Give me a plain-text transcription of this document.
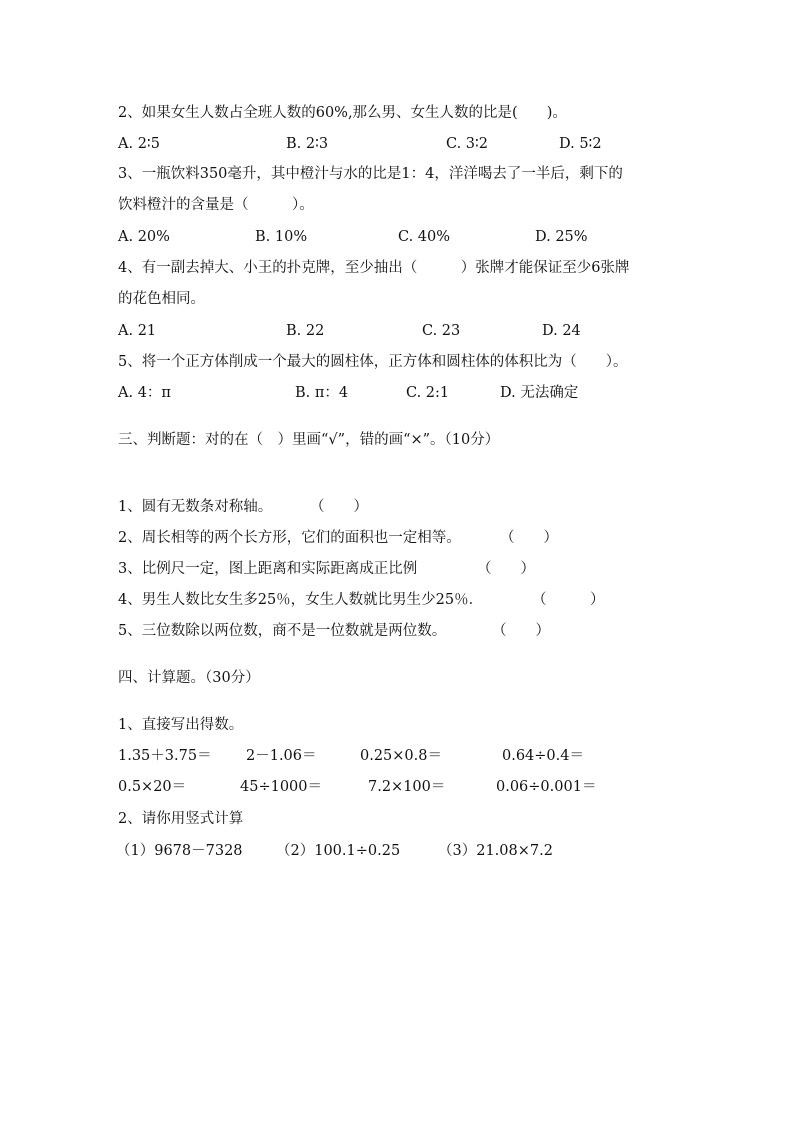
2、如果女生人数占全班人数的60%,那么男、女生人数的比是(　　)。
A. 2∶5	B. 2∶3	C. 3∶2	D. 5∶2
3、一瓶饮料350毫升，其中橙汁与水的比是1：4，洋洋喝去了一半后，剩下的
饮料橙汁的含量是（　　　）。
A. 20%	B. 10%	C. 40%	D. 25%
4、有一副去掉大、小王的扑克牌，至少抽出（　　　）张牌才能保证至少6张牌
的花色相同。
A. 21	B. 22	C. 23	D. 24
5、将一个正方体削成一个最大的圆柱体，正方体和圆柱体的体积比为（　　）。
A. 4：π	B. π：4	C. 2:1	D. 无法确定
三、判断题：对的在（　）里画“√”，错的画“×”。（10分）
1、圆有无数条对称轴。	（　　）
2、周长相等的两个长方形，它们的面积也一定相等。	（　　）
3、比例尺一定，图上距离和实际距离成正比例	（　　）
4、男生人数比女生多25％，女生人数就比男生少25％．	（　　　）
5、三位数除以两位数，商不是一位数就是两位数。	（　　）
四、计算题。（30分）
1、直接写出得数。
1.35＋3.75＝ 2－1.06＝	0.25×0.8＝	0.64÷0.4＝
0.5×20＝	45÷1000＝	7.2×100＝	0.06÷0.001＝
2、请你用竖式计算
（1）9678－7328 （2）100.1÷0.25	（3）21.08×7.2
